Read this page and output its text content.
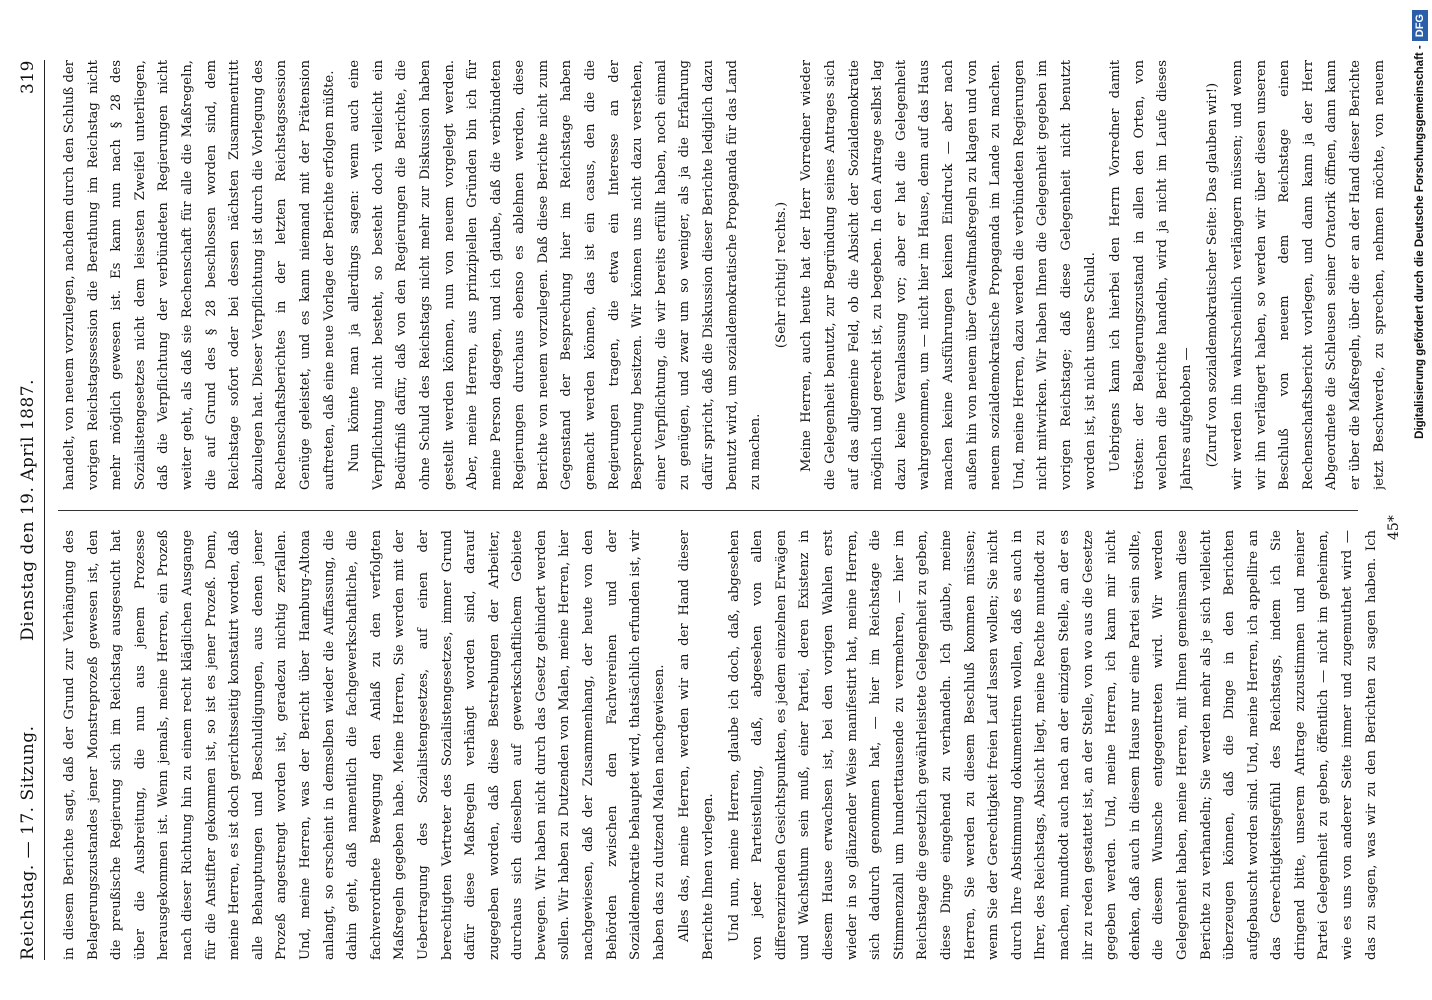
Reichstag. — 17. Sitzung.
Dienstag den 19. April 1887.
319

in diesem Berichte sagt, daß der Grund zur Verhängung des Belagerungszustandes jener Monstreprozeß gewesen ist, den die preußische Regierung sich im Reichstag ausgesucht hat über die Ausbreitung, die nun aus jenem Prozesse herausgekommen ist. Wenn jemals, meine Herren, ein Prozeß nach dieser Richtung hin zu einem recht kläglichen Ausgange für die Anstifter gekommen ist, so ist es jener Prozeß. Denn, meine Herren, es ist doch gerichtsseitig konstatirt worden, daß alle Behauptungen und Beschuldigungen, aus denen jener Prozeß angestrengt worden ist, geradezu nichtig zerfallen. Und, meine Herren, was der Bericht über Hamburg-Altona anlangt, so erscheint in demselben wieder die Auffassung, die dahin geht, daß namentlich die fachgewerkschaftliche, die fachverordnete Bewegung den Anlaß zu den verfolgten Maßregeln gegeben habe. Meine Herren, Sie werden mit der Uebertragung des Sozialistengesetzes, auf einen der berechtigten Vertreter des Sozialistengesetzes, immer Grund dafür diese Maßregeln verhängt worden sind, darauf zugegeben worden, daß diese Bestrebungen der Arbeiter, durchaus sich dieselben auf gewerkschaftlichem Gebiete bewegen. Wir haben nicht durch das Gesetz gehindert werden sollen. Wir haben zu Dutzenden von Malen, meine Herren, hier nachgewiesen, daß der Zusammenhang, der heute von den Behörden zwischen den Fachvereinen und der Sozialdemokratie behauptet wird, thatsächlich erfunden ist, wir haben das zu dutzend Malen nachgewiesen. Alles das, meine Herren, werden wir an der Hand dieser Berichte Ihnen vorlegen. Und nun, meine Herren, glaube ich doch, daß, abgesehen von jeder Parteistellung, daß, abgesehen von allen differenzirenden Gesichtspunkten, es jedem einzelnen Erwägen und Wachsthum sein muß, einer Partei, deren Existenz in diesem Hause erwachsen ist, bei den vorigen Wahlen erst wieder in so glänzender Weise manifestirt hat, meine Herren, sich dadurch genommen hat, — hier im Reichstage die Stimmenzahl um hunderttausende zu vermehren, — hier im Reichstage die gesetzlich gewährleistete Gelegenheit zu geben, diese Dinge eingehend zu verhandeln. Ich glaube, meine Herren, Sie werden zu diesem Beschluß kommen müssen; wenn Sie der Gerechtigkeit freien Lauf lassen wollen; Sie nicht durch Ihre Abstimmung dokumentiren wollen, daß es auch in Ihrer, des Reichstags, Absicht liegt, meine Rechte mundtodt zu machen, mundtodt auch nach an der einzigen Stelle, an der es ihr zu reden gestattet ist, an der Stelle, von wo aus die Gesetze gegeben werden. Und, meine Herren, ich kann mir nicht denken, daß auch in diesem Hause nur eine Partei sein sollte, die diesem Wunsche entgegentreten wird. Wir werden Gelegenheit haben, meine Herren, mit Ihnen gemeinsam diese Berichte zu verhandeln; Sie werden mehr als je sich vielleicht überzeugen können, daß die Dinge in den Berichten aufgebauscht worden sind. Und, meine Herren, ich appellire an das Gerechtigkeitsgefühl des Reichstags, indem ich Sie dringend bitte, unserem Antrage zuzustimmen und meiner Partei Gelegenheit zu geben, öffentlich — nicht im geheimen, wie es uns von anderer Seite immer und zugemuthet wird — das zu sagen, was wir zu den Berichten zu sagen haben. Ich

handelt, von neuem vorzulegen, nachdem durch den Schluß der vorigen Reichstagssession die Berathung im Reichstag nicht mehr möglich gewesen ist. Es kann nun nach § 28 des Sozialistengesetzes nicht dem leisesten Zweifel unterliegen, daß die Verpflichtung der verbündeten Regierungen nicht weiter geht, als daß sie Rechenschaft für alle die Maßregeln, die auf Grund des § 28 beschlossen worden sind, dem Reichstage sofort oder bei dessen nächsten Zusammentritt abzulegen hat. Dieser Verpflichtung ist durch die Vorlegung des Rechenschaftsberichtes in der letzten Reichstagssession Genüge geleistet, und es kann niemand mit der Prätension auftreten, daß eine neue Vorlage der Berichte erfolgen müßte. Nun könnte man ja allerdings sagen: wenn auch eine Verpflichtung nicht besteht, so besteht doch vielleicht ein Bedürfniß dafür, daß von den Regierungen die Berichte, die ohne Schuld des Reichstags nicht mehr zur Diskussion haben gestellt werden können, nun von neuem vorgelegt werden. Aber, meine Herren, aus prinzipiellen Gründen bin ich für meine Person dagegen, und ich glaube, daß die verbündeten Regierungen durchaus ebenso es ablehnen werden, diese Berichte von neuem vorzulegen. Daß diese Berichte nicht zum Gegenstand der Besprechung hier im Reichstage haben gemacht werden können, das ist ein casus, den die die Regierungen tragen, die etwa ein Interesse an der Besprechung besitzen. Wir können uns nicht dazu verstehen, einer Verpflichtung, die wir bereits erfüllt haben, noch einmal zu genügen, und zwar um so weniger, als ja die Erfahrung dafür spricht, daß die Diskussion dieser Berichte lediglich dazu benutzt wird, um sozialdemokratische Propaganda für das Land zu machen.

(Sehr richtig! rechts.) Meine Herren, auch heute hat der Herr Vorredner wieder die Gelegenheit benutzt, zur Begründung seines Antrages sich auf das allgemeine Feld, ob die Absicht der Sozialdemokratie möglich und gerecht ist, zu begeben. In den Antrage selbst lag dazu keine Veranlassung vor; aber er hat die Gelegenheit wahrgenommen, um — nicht hier im Hause, denn auf das Haus machen keine Ausführungen keinen Eindruck — aber nach außen hin von neuem über Gewaltmaßregeln zu klagen und von neuem sozialdemokratische Propaganda im Lande zu machen. Und, meine Herren, dazu werden die verbündeten Regierungen nicht mitwirken. Wir haben Ihnen die Gelegenheit gegeben im vorigen Reichstage; daß diese Gelegenheit nicht benutzt worden ist, ist nicht unsere Schuld. Uebrigens kann ich hierbei den Herrn Vorredner damit trösten: der Belagerungszustand in allen den Orten, von welchen die Berichte handeln, wird ja nicht im Laufe dieses Jahres aufgehoben — (Zuruf von sozialdemokratischer Seite: Das glauben wir!)

wir werden ihn wahrscheinlich verlängern müssen; und wenn wir ihn verlängert haben, so werden wir über diesen unseren Beschluß von neuem dem Reichstage einen Rechenschaftsbericht vorlegen, und dann kann ja der Herr Abgeordnete die Schleusen seiner Oratorik öffnen, dann kann er über die Maßregeln, über die er an der Hand dieser Berichte jetzt Beschwerde, zu sprechen, nehmen möchte, von neuem

45*
Digitalisierung gefördert durch die Deutsche Forschungsgemeinschaft -DFG
